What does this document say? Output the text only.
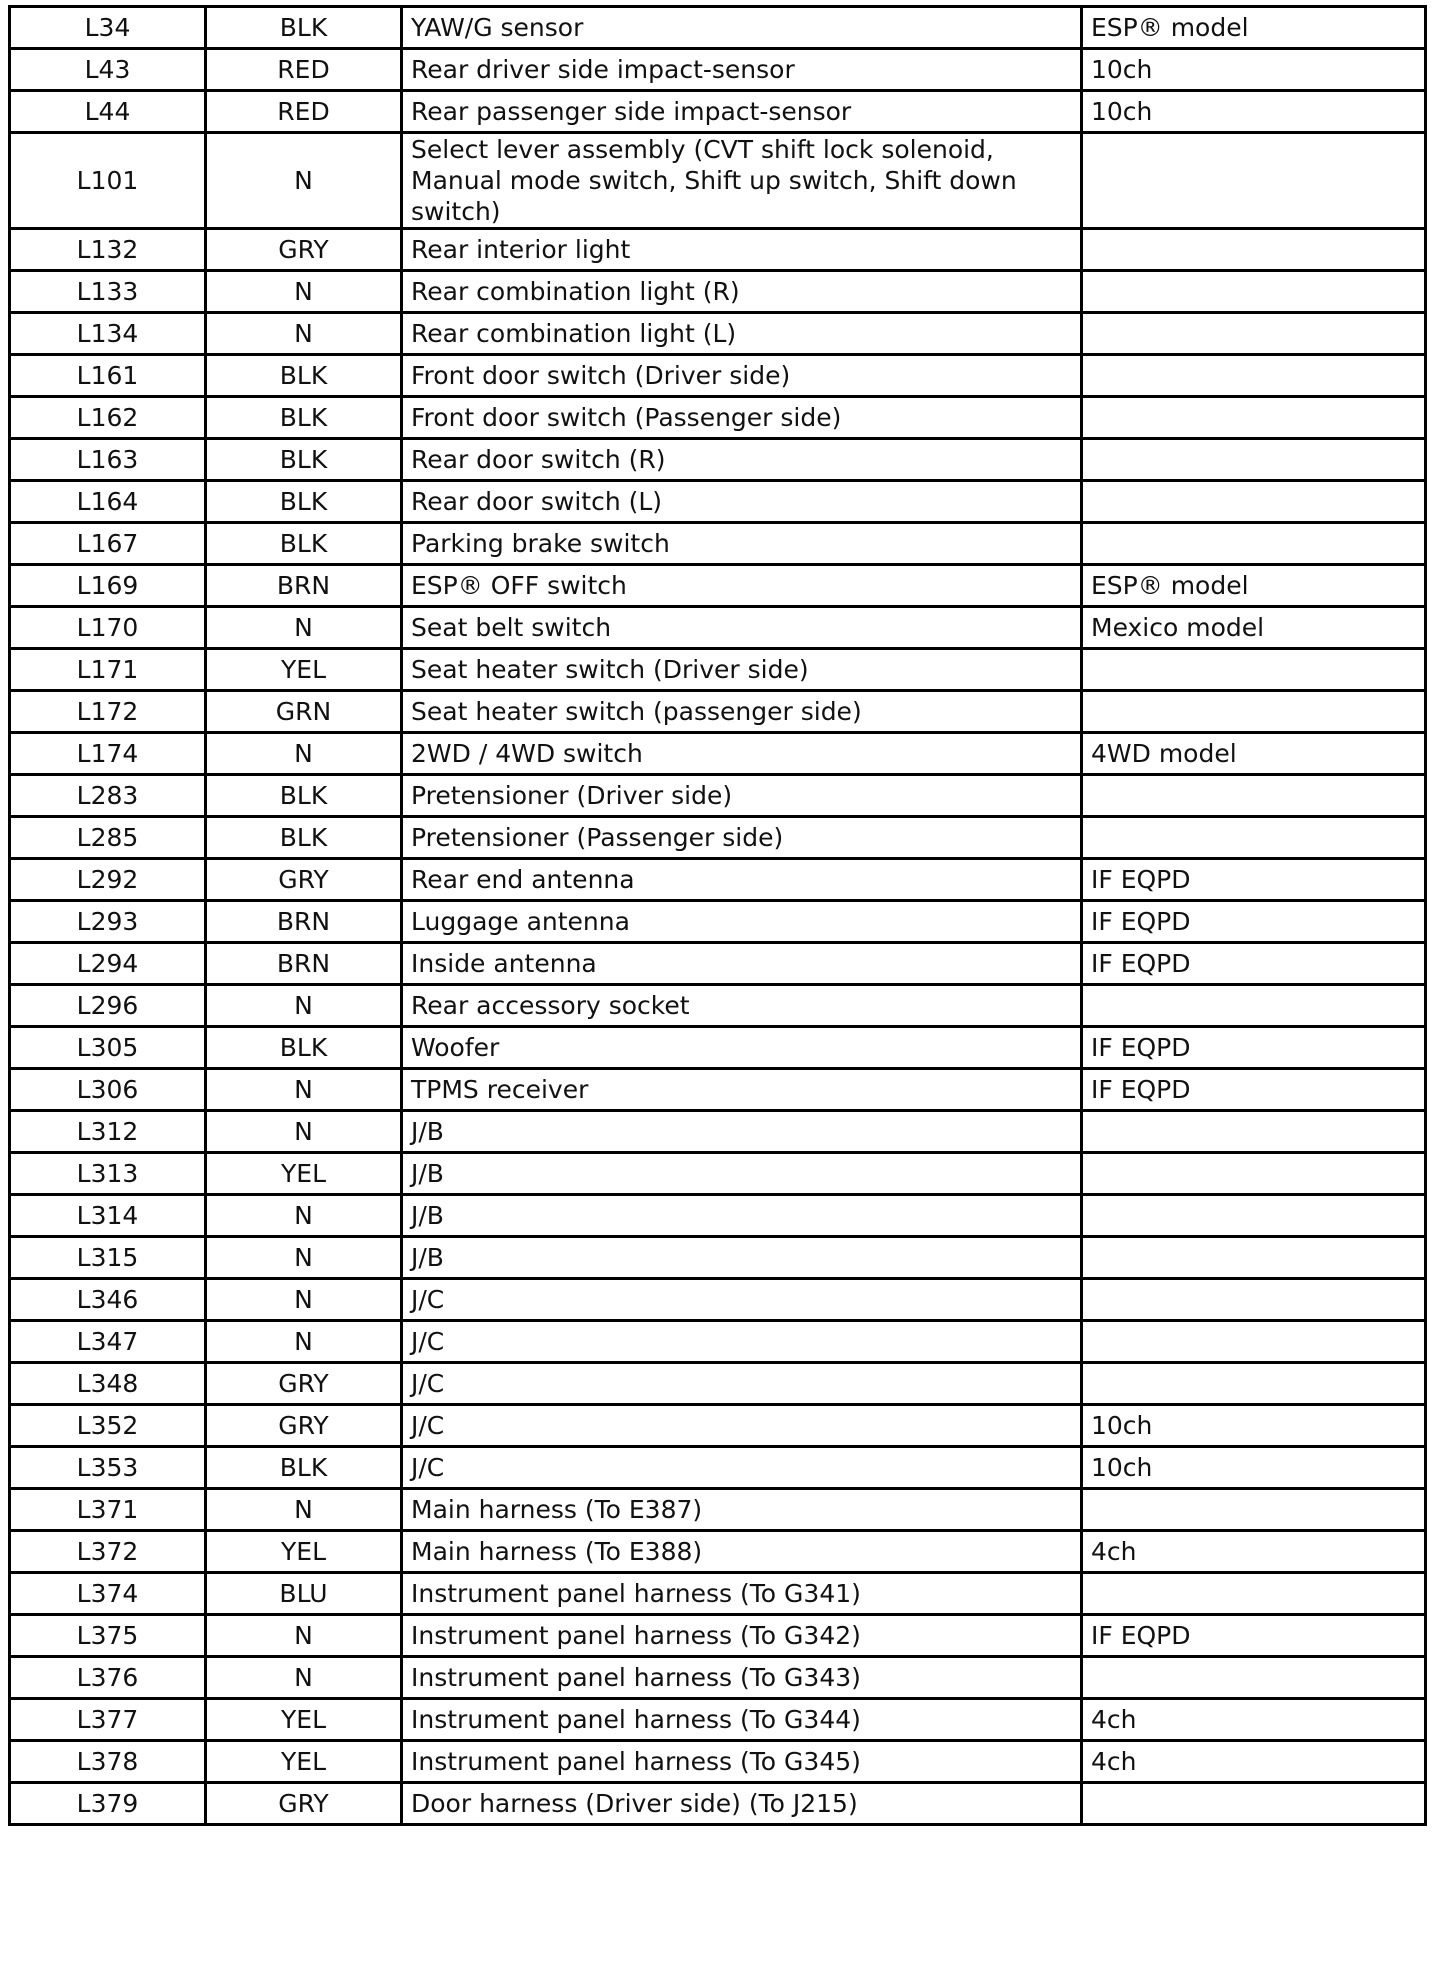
L34	BLK	YAW/G sensor	ESP® model
L43	RED	Rear driver side impact-sensor	10ch
L44	RED	Rear passenger side impact-sensor	10ch
L101	N	Select lever assembly (CVT shift lock solenoid, Manual mode switch, Shift up switch, Shift down switch)	
L132	GRY	Rear interior light	
L133	N	Rear combination light (R)	
L134	N	Rear combination light (L)	
L161	BLK	Front door switch (Driver side)	
L162	BLK	Front door switch (Passenger side)	
L163	BLK	Rear door switch (R)	
L164	BLK	Rear door switch (L)	
L167	BLK	Parking brake switch	
L169	BRN	ESP® OFF switch	ESP® model
L170	N	Seat belt switch	Mexico model
L171	YEL	Seat heater switch (Driver side)	
L172	GRN	Seat heater switch (passenger side)	
L174	N	2WD / 4WD switch	4WD model
L283	BLK	Pretensioner (Driver side)	
L285	BLK	Pretensioner (Passenger side)	
L292	GRY	Rear end antenna	IF EQPD
L293	BRN	Luggage antenna	IF EQPD
L294	BRN	Inside antenna	IF EQPD
L296	N	Rear accessory socket	
L305	BLK	Woofer	IF EQPD
L306	N	TPMS receiver	IF EQPD
L312	N	J/B	
L313	YEL	J/B	
L314	N	J/B	
L315	N	J/B	
L346	N	J/C	
L347	N	J/C	
L348	GRY	J/C	
L352	GRY	J/C	10ch
L353	BLK	J/C	10ch
L371	N	Main harness (To E387)	
L372	YEL	Main harness (To E388)	4ch
L374	BLU	Instrument panel harness (To G341)	
L375	N	Instrument panel harness (To G342)	IF EQPD
L376	N	Instrument panel harness (To G343)	
L377	YEL	Instrument panel harness (To G344)	4ch
L378	YEL	Instrument panel harness (To G345)	4ch
L379	GRY	Door harness (Driver side) (To J215)	
